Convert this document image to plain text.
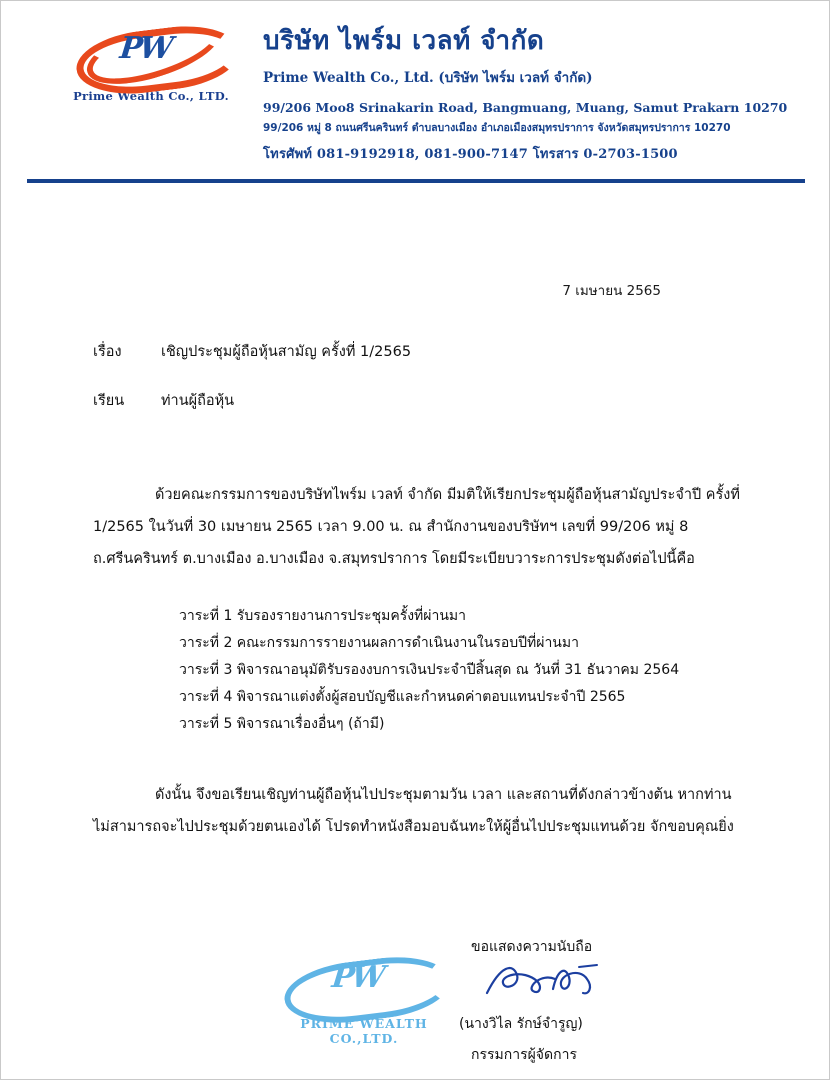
PW
Prime Wealth Co., LTD.
บริษัท ไพร์ม เวลท์ จำกัด
Prime Wealth Co., Ltd. (บริษัท ไพร์ม เวลท์ จำกัด)
99/206 Moo8 Srinakarin Road, Bangmuang, Muang, Samut Prakarn 10270
99/206 หมู่ 8 ถนนศรีนครินทร์ ตำบลบางเมือง อำเภอเมืองสมุทรปราการ จังหวัดสมุทรปราการ 10270
โทรศัพท์ 081-9192918, 081-900-7147 โทรสาร 0-2703-1500
7 เมษายน 2565
เรื่อง	เชิญประชุมผู้ถือหุ้นสามัญ ครั้งที่ 1/2565
เรียน	ท่านผู้ถือหุ้น
ด้วยคณะกรรมการของบริษัทไพร์ม เวลท์ จำกัด มีมติให้เรียกประชุมผู้ถือหุ้นสามัญประจำปี ครั้งที่ 1/2565 ในวันที่ 30 เมษายน 2565 เวลา 9.00 น. ณ สำนักงานของบริษัทฯ เลขที่ 99/206 หมู่ 8 ถ.ศรีนครินทร์ ต.บางเมือง อ.บางเมือง จ.สมุทรปราการ โดยมีระเบียบวาระการประชุมดังต่อไปนี้คือ
วาระที่ 1 รับรองรายงานการประชุมครั้งที่ผ่านมา
วาระที่ 2 คณะกรรมการรายงานผลการดำเนินงานในรอบปีที่ผ่านมา
วาระที่ 3 พิจารณาอนุมัติรับรองงบการเงินประจำปีสิ้นสุด ณ วันที่ 31 ธันวาคม 2564
วาระที่ 4 พิจารณาแต่งตั้งผู้สอบบัญชีและกำหนดค่าตอบแทนประจำปี 2565
วาระที่ 5 พิจารณาเรื่องอื่นๆ (ถ้ามี)
ดังนั้น จึงขอเรียนเชิญท่านผู้ถือหุ้นไปประชุมตามวัน เวลา และสถานที่ดังกล่าวข้างต้น หากท่านไม่สามารถจะไปประชุมด้วยตนเองได้ โปรดทำหนังสือมอบฉันทะให้ผู้อื่นไปประชุมแทนด้วย จักขอบคุณยิ่ง
ขอแสดงความนับถือ
(นางวิไล รักษ์จำรูญ)
กรรมการผู้จัดการ
PW
PRIME WEALTH CO.,LTD.
